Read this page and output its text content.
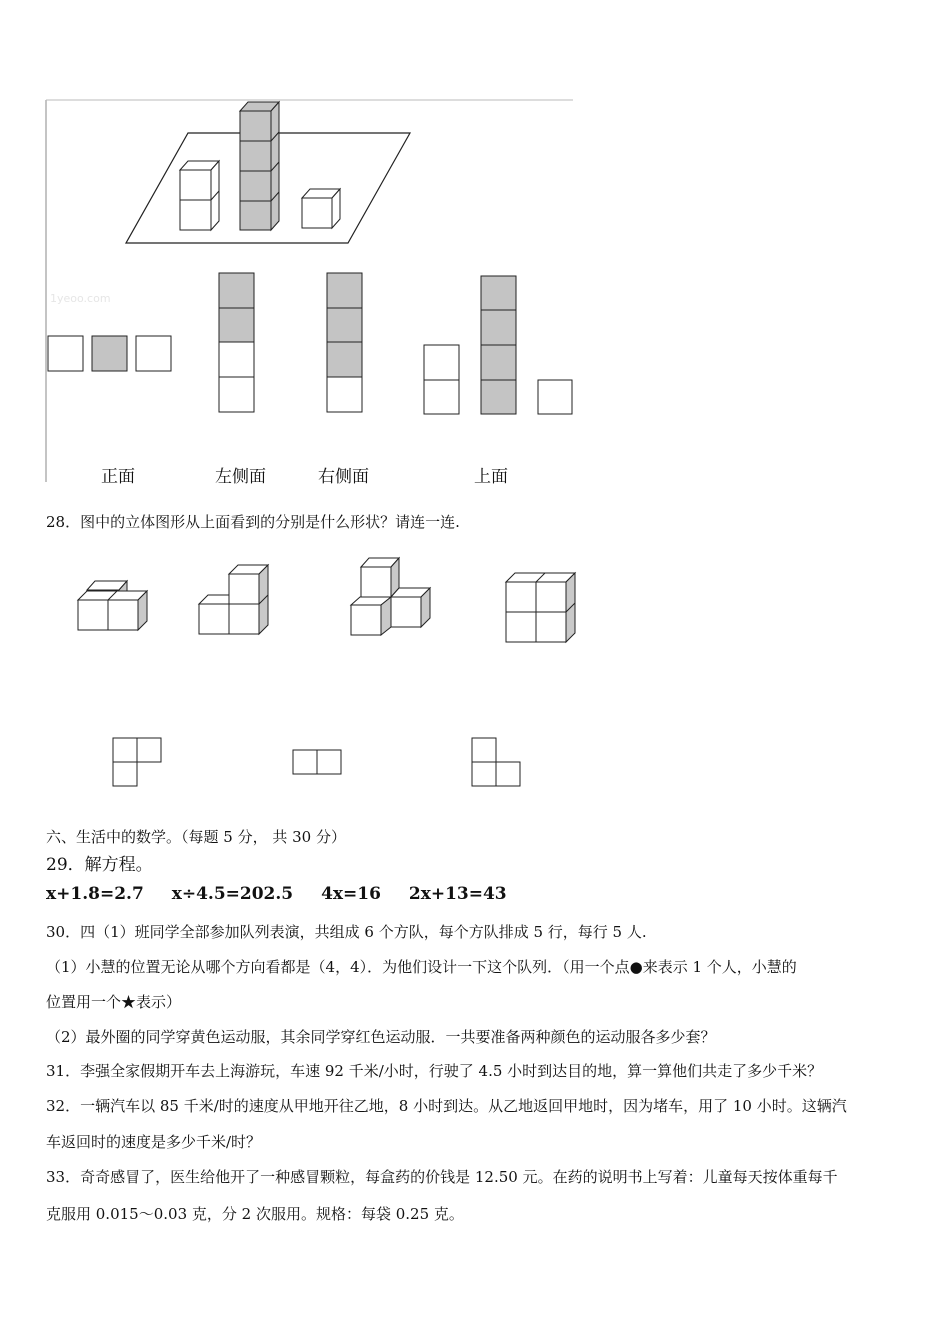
1yeoo.com
正面	左侧面	右侧面	上面
28．图中的立体图形从上面看到的分别是什么形状？请连一连.
六、生活中的数学。（每题 5 分， 共 30 分）
29．解方程。
x+1.8=2.7 x÷4.5=202.5 4x=16 2x+13=43
30．四（1）班同学全部参加队列表演，共组成 6 个方队，每个方队排成 5 行，每行 5 人.
（1）小慧的位置无论从哪个方向看都是（4，4）．为他们设计一下这个队列．（用一个点●来表示 1 个人，小慧的
位置用一个★表示）
（2）最外圈的同学穿黄色运动服，其余同学穿红色运动服．一共要准备两种颜色的运动服各多少套？
31．李强全家假期开车去上海游玩，车速 92 千米/小时，行驶了 4.5 小时到达目的地，算一算他们共走了多少千米？
32．一辆汽车以 85 千米/时的速度从甲地开往乙地，8 小时到达。从乙地返回甲地时，因为堵车，用了 10 小时。这辆汽
车返回时的速度是多少千米/时？
33．奇奇感冒了，医生给他开了一种感冒颗粒，每盒药的价钱是 12.50 元。在药的说明书上写着：儿童每天按体重每千
克服用 0.015～0.03 克，分 2 次服用。规格：每袋 0.25 克。
